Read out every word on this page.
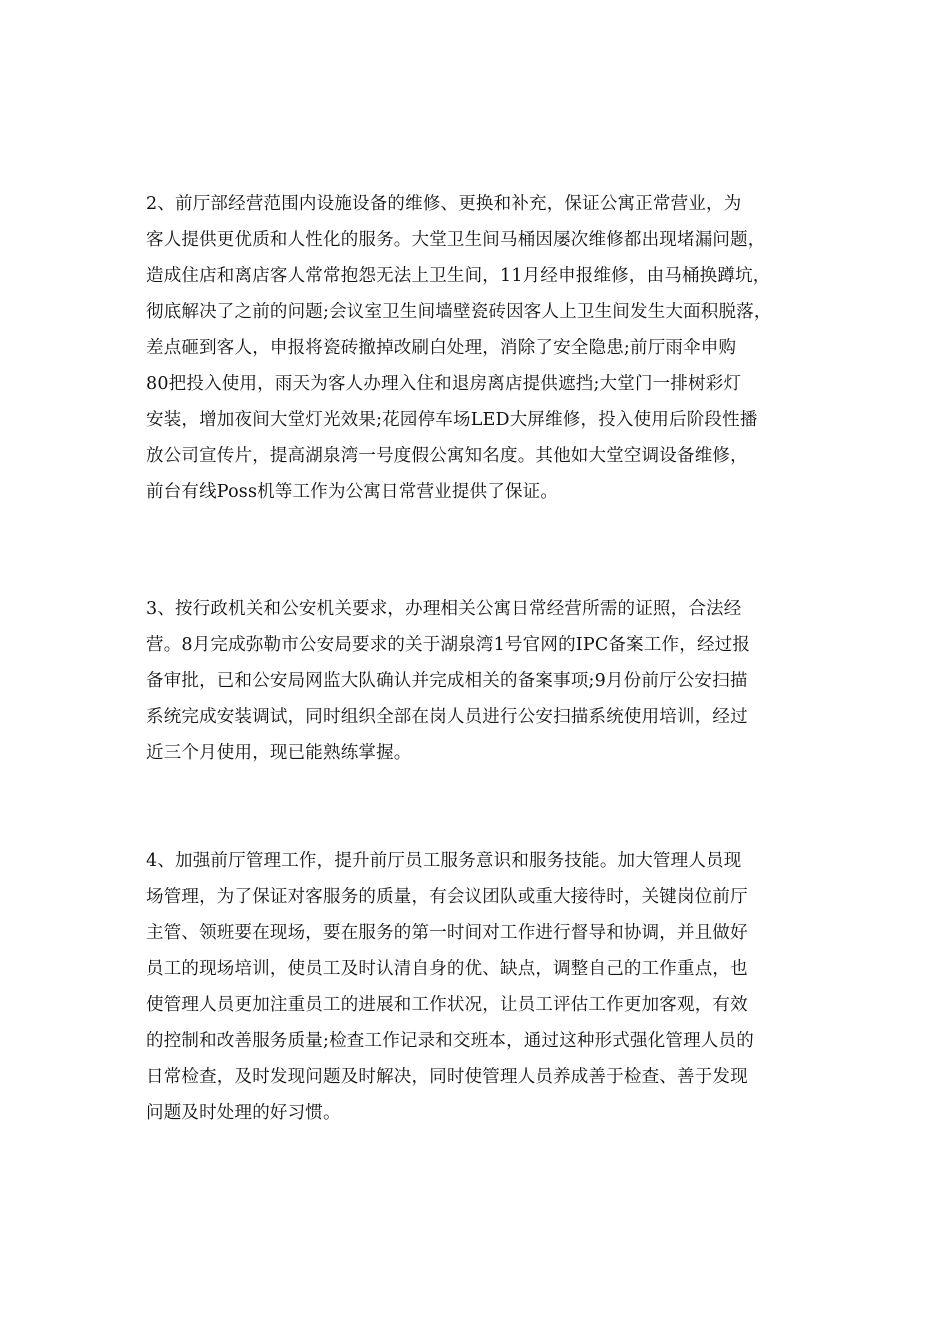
2、前厅部经营范围内设施设备的维修、更换和补充，保证公寓正常营业，为
客人提供更优质和人性化的服务。大堂卫生间马桶因屡次维修都出现堵漏问题，
造成住店和离店客人常常抱怨无法上卫生间，11月经申报维修，由马桶换蹲坑，
彻底解决了之前的问题;会议室卫生间墙壁瓷砖因客人上卫生间发生大面积脱落，
差点砸到客人，申报将瓷砖撤掉改刷白处理，消除了安全隐患;前厅雨伞申购
80把投入使用，雨天为客人办理入住和退房离店提供遮挡;大堂门一排树彩灯
安装，增加夜间大堂灯光效果;花园停车场LED大屏维修，投入使用后阶段性播
放公司宣传片，提高湖泉湾一号度假公寓知名度。其他如大堂空调设备维修，
前台有线Poss机等工作为公寓日常营业提供了保证。
3、按行政机关和公安机关要求，办理相关公寓日常经营所需的证照，合法经
营。8月完成弥勒市公安局要求的关于湖泉湾1号官网的IPC备案工作，经过报
备审批，已和公安局网监大队确认并完成相关的备案事项;9月份前厅公安扫描
系统完成安装调试，同时组织全部在岗人员进行公安扫描系统使用培训，经过
近三个月使用，现已能熟练掌握。
4、加强前厅管理工作，提升前厅员工服务意识和服务技能。加大管理人员现
场管理，为了保证对客服务的质量，有会议团队或重大接待时，关键岗位前厅
主管、领班要在现场，要在服务的第一时间对工作进行督导和协调，并且做好
员工的现场培训，使员工及时认清自身的优、缺点，调整自己的工作重点，也
使管理人员更加注重员工的进展和工作状况，让员工评估工作更加客观，有效
的控制和改善服务质量;检查工作记录和交班本，通过这种形式强化管理人员的
日常检查，及时发现问题及时解决，同时使管理人员养成善于检查、善于发现
问题及时处理的好习惯。
